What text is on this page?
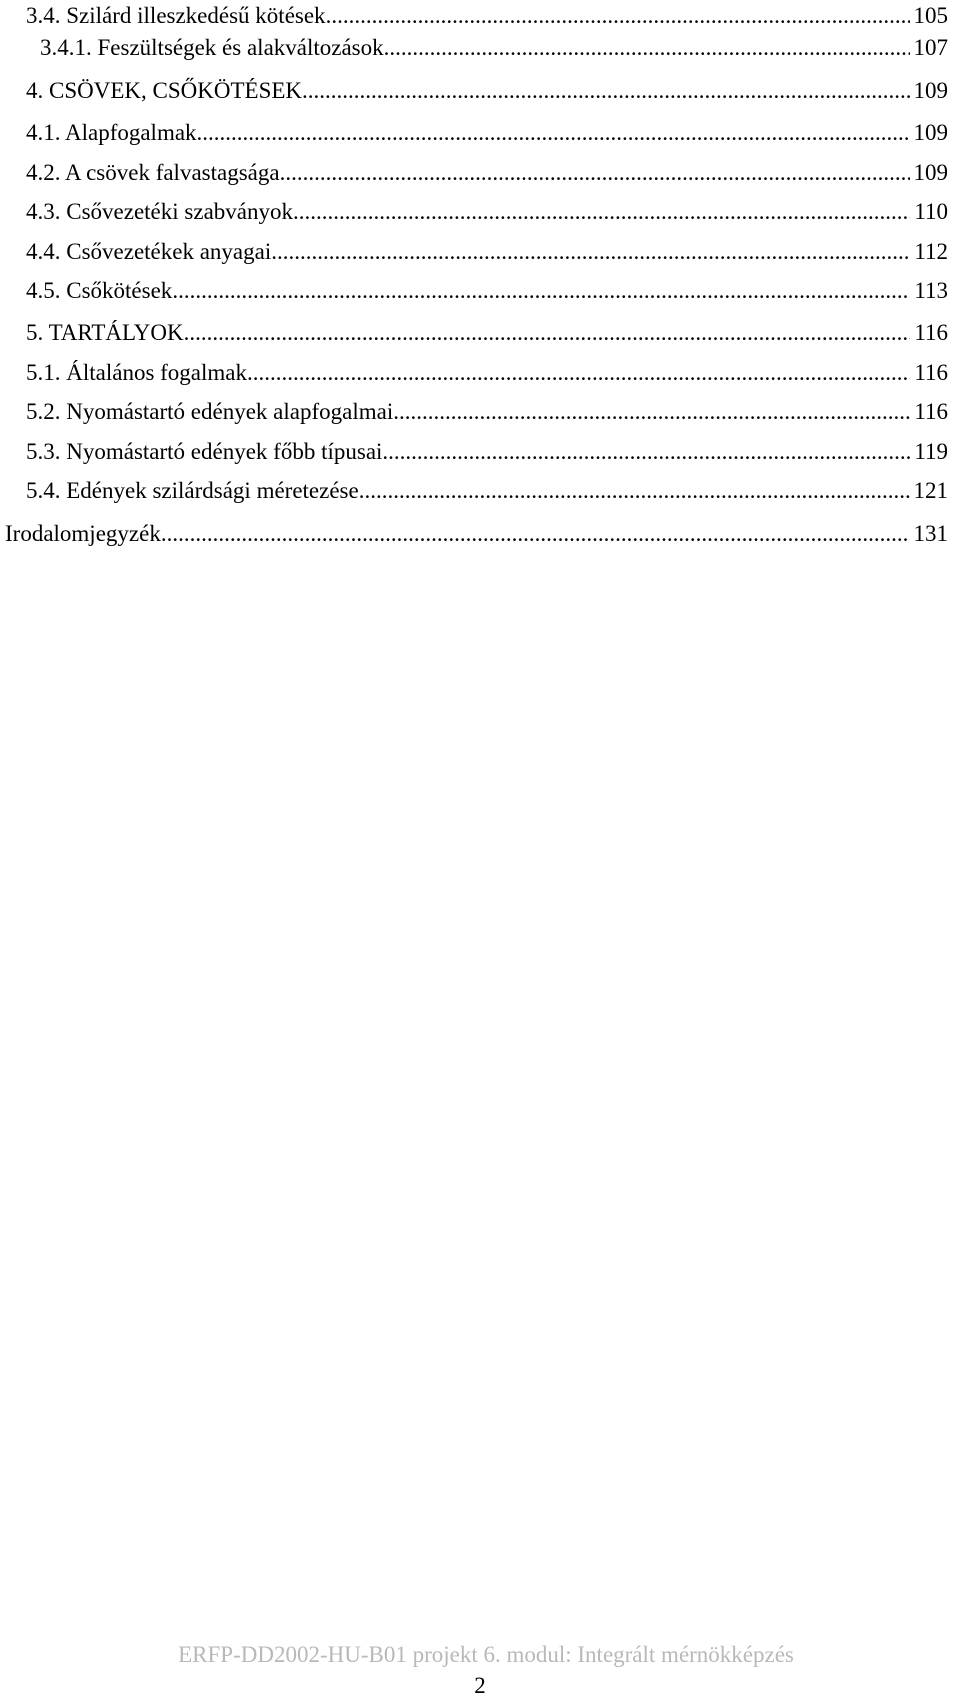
3.4. Szilárd illeszkedésű kötések .....	105
3.4.1. Feszültségek és alakváltozások .....	107
4. CSÖVEK, CSŐKÖTÉSEK .....	109
4.1. Alapfogalmak .....	109
4.2. A csövek falvastagsága .....	109
4.3. Csővezetéki szabványok .....	110
4.4. Csővezetékek anyagai .....	112
4.5. Csőkötések .....	113
5. TARTÁLYOK .....	116
5.1. Általános fogalmak .....	116
5.2. Nyomástartó edények alapfogalmai .....	116
5.3. Nyomástartó edények főbb típusai .....	119
5.4. Edények szilárdsági méretezése .....	121
Irodalomjegyzék .....	131
ERFP-DD2002-HU-B01 projekt 6. modul: Integrált mérnökképzés
2
